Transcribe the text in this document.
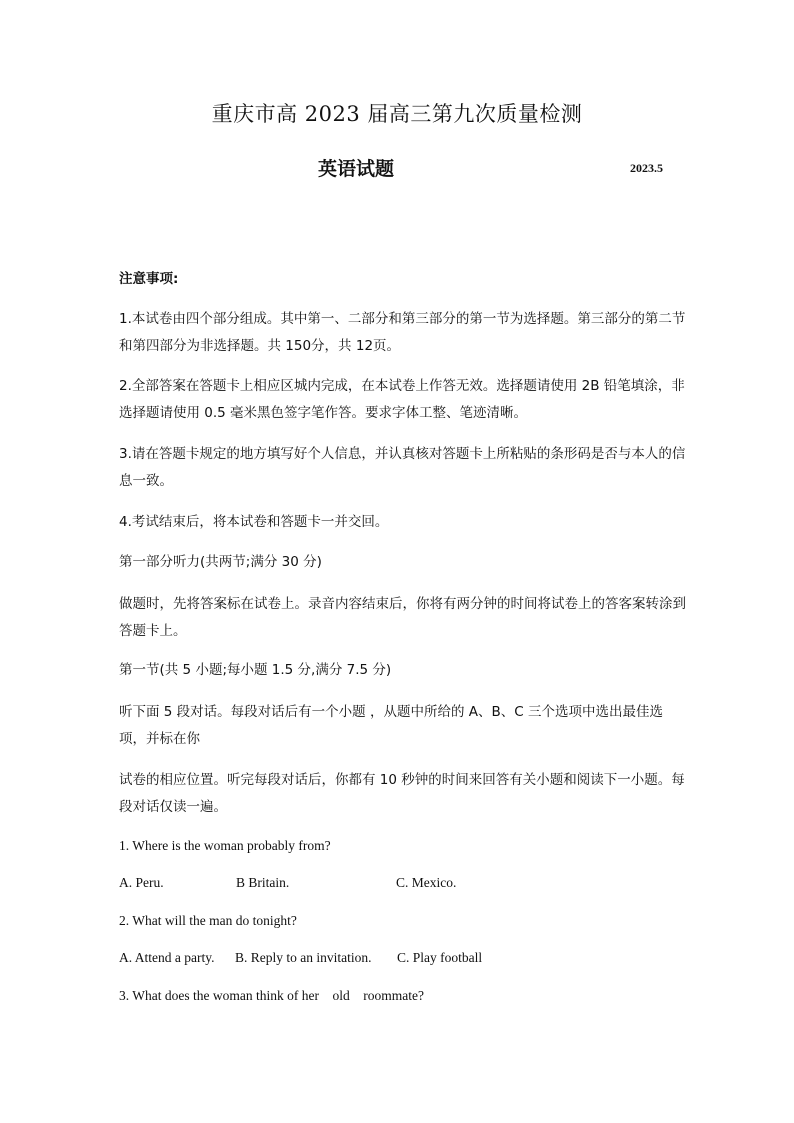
重庆市高 2023 届高三第九次质量检测
英语试题	2023.5
注意事项:
1.本试卷由四个部分组成。其中第一、二部分和第三部分的第一节为选择题。第三部分的第二节和第四部分为非选择题。共 150分，共 12页。
2.全部答案在答题卡上相应区城内完成，在本试卷上作答无效。选择题请使用 2B 铅笔填涂，非选择题请使用 0.5 毫米黑色签字笔作答。要求字体工整、笔迹清晰。
3.请在答题卡规定的地方填写好个人信息，并认真核对答题卡上所粘贴的条形码是否与本人的信息一致。
4.考试结束后，将本试卷和答题卡一并交回。
第一部分听力(共两节;满分 30 分)
做题时，先将答案标在试卷上。录音内容结束后，你将有两分钟的时间将试卷上的答客案转涂到答题卡上。
第一节(共 5 小题;每小题 1.5 分,满分 7.5 分)
听下面 5 段对话。每段对话后有一个小题 ，从题中所给的 A、B、C 三个选项中选出最佳选项，并标在你
试卷的相应位置。听完每段对话后，你都有 10 秒钟的时间来回答有关小题和阅读下一小题。每段对话仅读一遍。
1. Where is the woman probably from?
A. Peru.	B Britain.	C. Mexico.
2. What will the man do tonight?
A. Attend a party. B. Reply to an invitation. C. Play football
3. What does the woman think of her    old    roommate?
